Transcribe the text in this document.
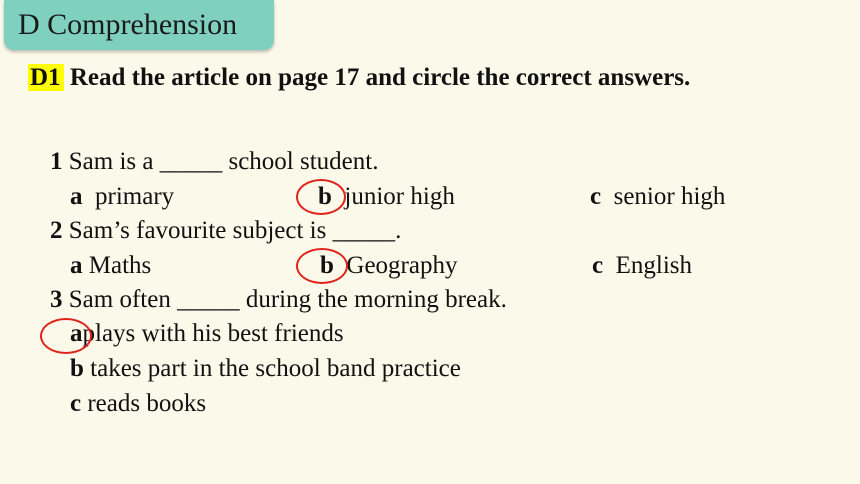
D Comprehension
D1 Read the article on page 17 and circle the correct answers.
1 Sam is a _____ school student.
a primary	b junior high	c senior high
2 Sam’s favourite subject is _____.
a Maths	b Geography	c English
3 Sam often _____ during the morning break.
aplays with his best friends
b takes part in the school band practice
c reads books
